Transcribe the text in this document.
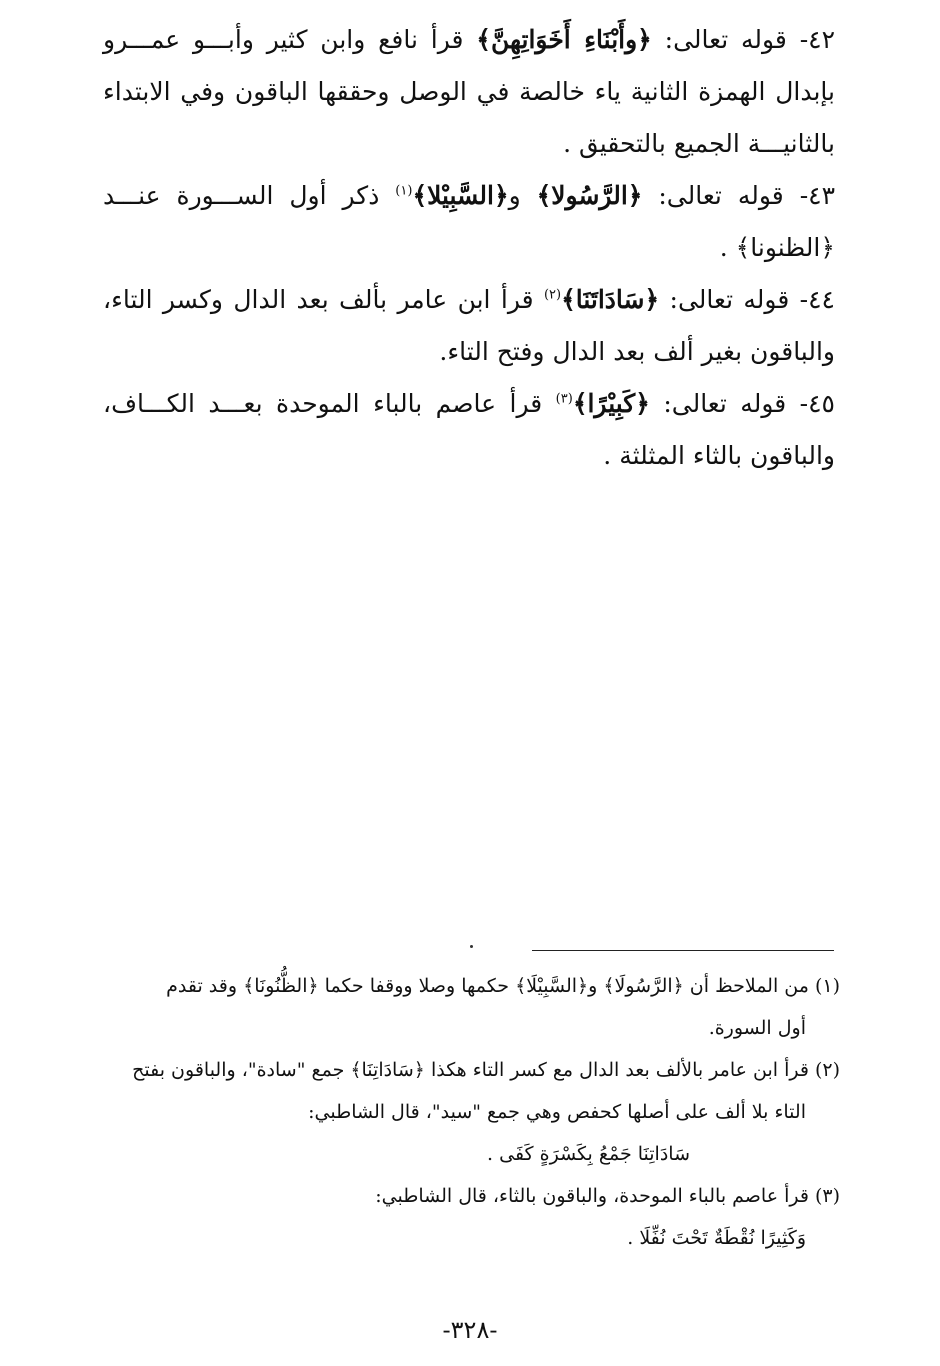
٤٢- قوله تعالى: ﴿وأَبْنَاءِ أَخَوَاتِهِنَّ﴾ قرأ نافع وابن كثير وأبـــو عمـــرو بإبدال الهمزة الثانية ياء خالصة في الوصل وحققها الباقون وفي الابتداء بالثانيـــة الجميع بالتحقيق .

٤٣- قوله تعالى: ﴿الرَّسُولا﴾ و﴿السَّبِيْلا﴾$^{(١)}$ ذكر أول الســـورة عنـــد ﴿الظنونا﴾ .

٤٤- قوله تعالى: ﴿سَادَاتَنَا﴾$^{(٢)}$ قرأ ابن عامر بألف بعد الدال وكسر التاء، والباقون بغير ألف بعد الدال وفتح التاء.

٤٥- قوله تعالى: ﴿كَبِيْرًا﴾$^{(٣)}$ قرأ عاصم بالباء الموحدة بعـــد الكـــاف، والباقون بالثاء المثلثة .

(١)من الملاحظ أن ﴿الرَّسُولَا﴾ و﴿السَّبِيْلَا﴾ حكمها وصلا ووقفا حكما ﴿الظُّنُونَا﴾ وقد تقدم
أول السورة.

(٢)قرأ ابن عامر بالألف بعد الدال مع كسر التاء هكذا ﴿سَادَاتِنَا﴾ جمع "سادة"، والباقون بفتح
التاء بلا ألف على أصلها كحفص وهي جمع "سيد"، قال الشاطبي:
سَادَاتِنَا جَمْعُ بِكَسْرَةٍ كَفَى .

(٣)قرأ عاصم بالباء الموحدة، والباقون بالثاء، قال الشاطبي:
وَكَثِيرًا نُقْطَةٌ تَحْتَ نُفِّلَا .

-٣٢٨-
